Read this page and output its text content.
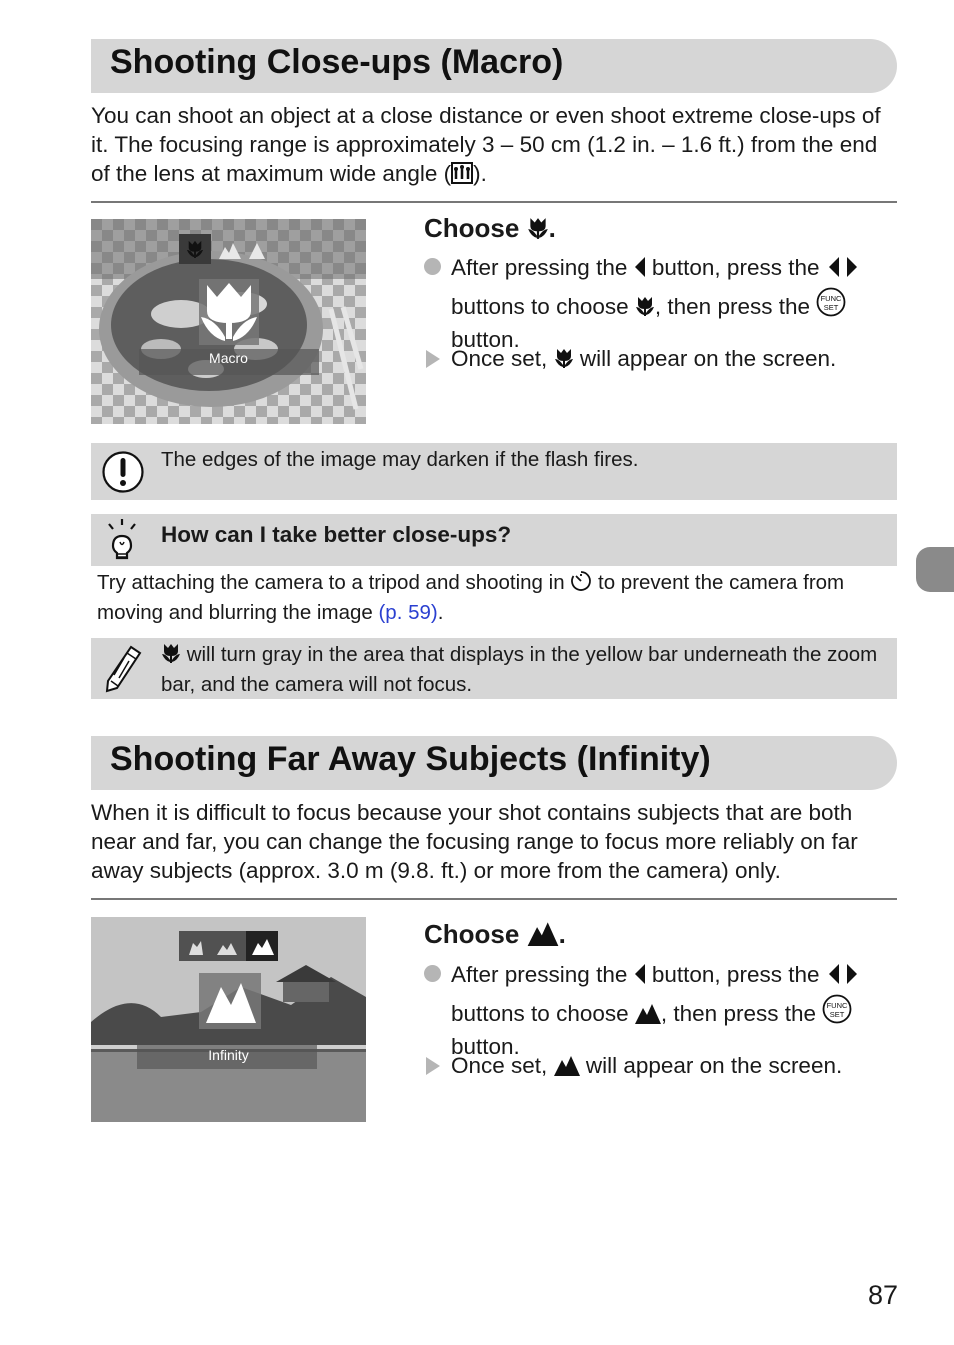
Shooting Close-ups (Macro)
You can shoot an object at a close distance or even shoot extreme close-ups of it. The focusing range is approximately 3 – 50 cm (1.2 in. – 1.6 ft.) from the end of the lens at maximum wide angle ( ).
Macro
Choose .
After pressing the button, press the
buttons to choose , then press the FUNC
SET

button.
Once set, will appear on the screen.
The edges of the image may darken if the flash fires.
How can I take better close-ups?
Try attaching the camera to a tripod and shooting in to prevent the camera from moving and blurring the image (p. 59).
will turn gray in the area that displays in the yellow bar underneath the zoom bar, and the camera will not focus.
Shooting Far Away Subjects (Infinity)
When it is difficult to focus because your shot contains subjects that are both near and far, you can change the focusing range to focus more reliably on far away subjects (approx. 3.0 m (9.8. ft.) or more from the camera) only.
Infinity
Choose .
After pressing the button, press the
buttons to choose , then press the FUNC
SET

button.
Once set, will appear on the screen.
87
